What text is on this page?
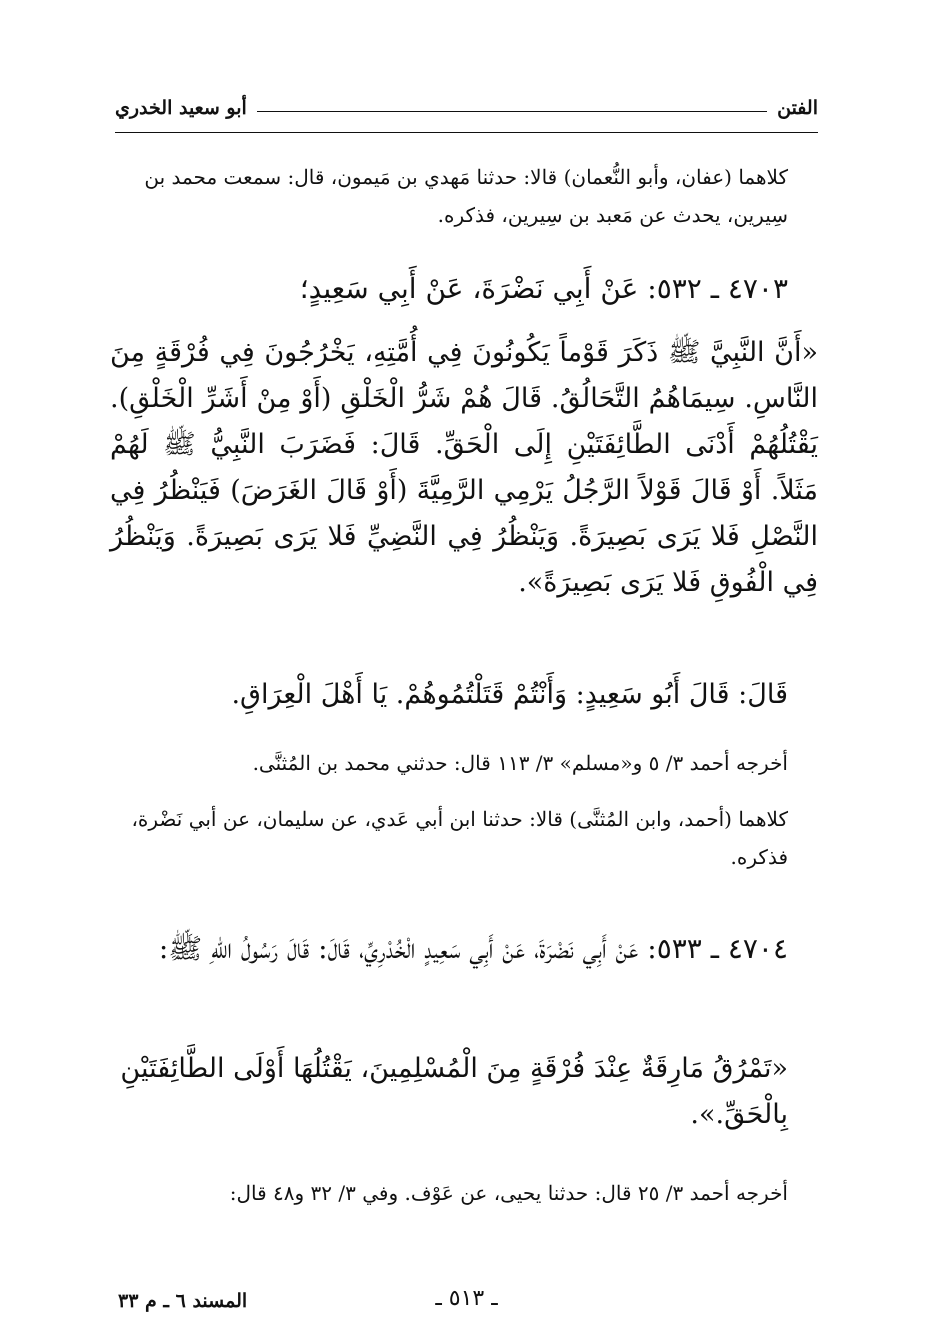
الفتن
أبو سعيد الخدري
كلاهما (عفان، وأبو النُّعمان) قالا: حدثنا مَهدي بن مَيمون، قال: سمعت محمد بن سِيرين، يحدث عن مَعبد بن سِيرين، فذكره.
٤٧٠٣ ـ ٥٣٢: عَنْ أَبِي نَضْرَةَ، عَنْ أَبِي سَعِيدٍ؛
«أَنَّ النَّبِيَّ ﷺ ذَكَرَ قَوْماً يَكُونُونَ فِي أُمَّتِهِ، يَخْرُجُونَ فِي فُرْقَةٍ مِنَ النَّاسِ. سِيمَاهُمُ التَّحَالُقُ. قَالَ هُمْ شَرُّ الْخَلْقِ (أَوْ مِنْ أَشَرِّ الْخَلْقِ). يَقْتُلُهُمْ أَدْنَى الطَّائِفَتَيْنِ إِلَى الْحَقِّ. قَالَ: فَضَرَبَ النَّبِيُّ ﷺ لَهُمْ مَثَلاً. أَوْ قَالَ قَوْلاً الرَّجُلُ يَرْمِي الرَّمِيَّةَ (أَوْ قَالَ الغَرَضَ) فَيَنْظُرُ فِي النَّصْلِ فَلا يَرَى بَصِيرَةً. وَيَنْظُرُ فِي النَّضِيِّ فَلا يَرَى بَصِيرَةً. وَيَنْظُرُ فِي الْفُوقِ فَلا يَرَى بَصِيرَةً».
قَالَ: قَالَ أَبُو سَعِيدٍ: وَأَنْتُمْ قَتَلْتُمُوهُمْ. يَا أَهْلَ الْعِرَاقِ.
أخرجه أحمد ٣/ ٥ و«مسلم» ٣/ ١١٣ قال: حدثني محمد بن المُثنَّى.
كلاهما (أحمد، وابن المُثنَّى) قالا: حدثنا ابن أبي عَدي، عن سليمان، عن أبي نَضْرة، فذكره.
٤٧٠٤ ـ ٥٣٣: عَنْ أَبِي نَضْرَةَ، عَنْ أَبِي سَعِيدٍ الْخُدْرِيِّ، قَالَ: قَالَ رَسُولُ اللهِ ﷺ:
«تَمْرُقُ مَارِقَةٌ عِنْدَ فُرْقَةٍ مِنَ الْمُسْلِمِينَ، يَقْتُلُهَا أَوْلَى الطَّائِفَتَيْنِ بِالْحَقِّ.».
أخرجه أحمد ٣/ ٢٥ قال: حدثنا يحيى، عن عَوْف. وفي ٣/ ٣٢ و٤٨ قال:
ـ ٥١٣ ـ
المسند ٦ ـ م ٣٣
